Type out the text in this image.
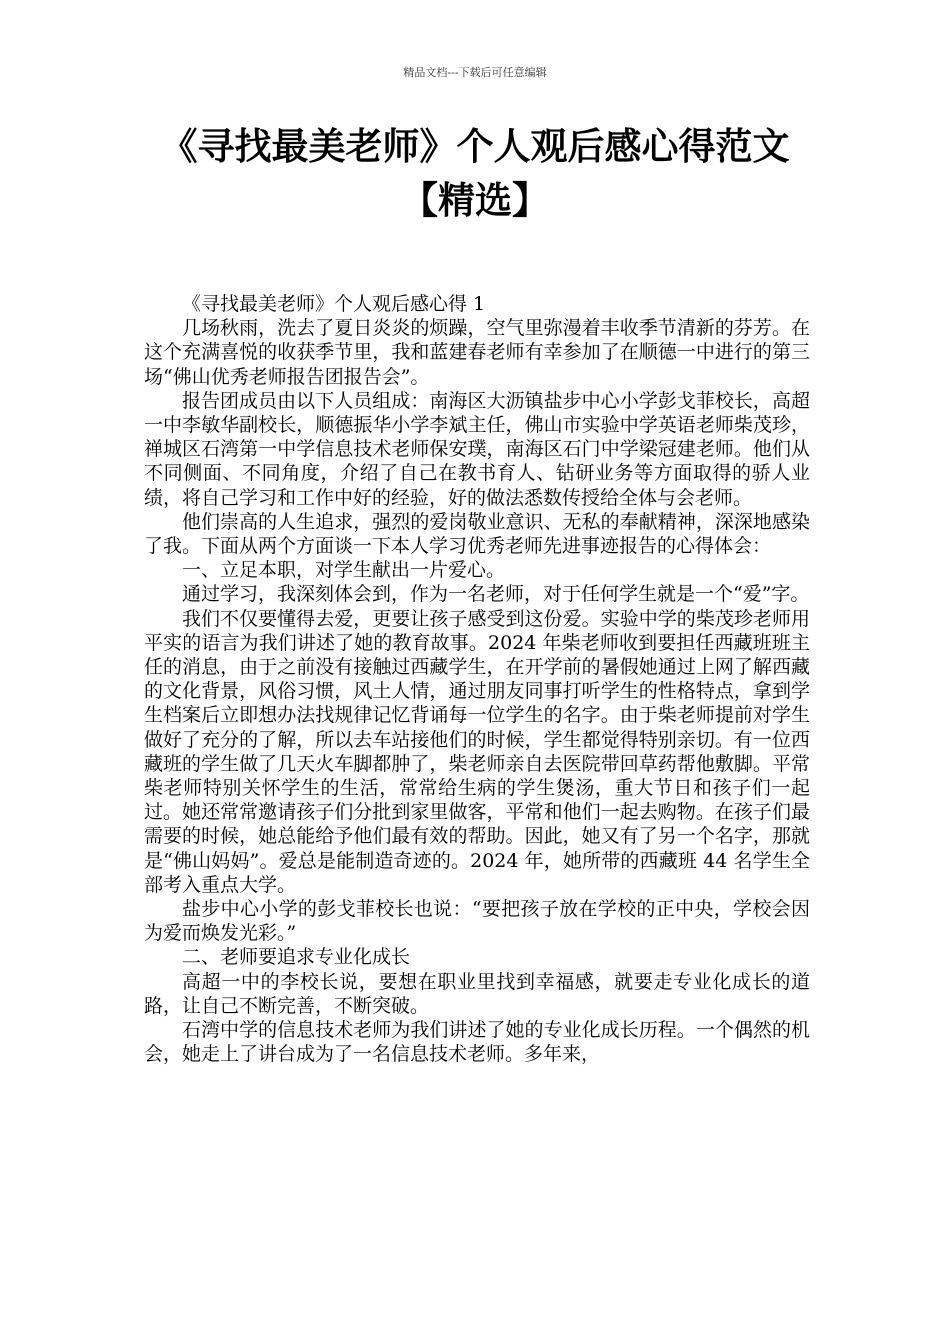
精品文档---下载后可任意编辑
《寻找最美老师》个人观后感心得范文
【精选】

《寻找最美老师》个人观后感心得 1

几场秋雨，洗去了夏日炎炎的烦躁，空气里弥漫着丰收季节清新的芬芳。在这个充满喜悦的收获季节里，我和蓝建春老师有幸参加了在顺德一中进行的第三场“佛山优秀老师报告团报告会”。

报告团成员由以下人员组成：南海区大沥镇盐步中心小学彭戈菲校长，高超一中李敏华副校长，顺德振华小学李斌主任，佛山市实验中学英语老师柴茂珍，禅城区石湾第一中学信息技术老师保安璞，南海区石门中学梁冠建老师。他们从不同侧面、不同角度，介绍了自己在教书育人、钻研业务等方面取得的骄人业绩，将自己学习和工作中好的经验，好的做法悉数传授给全体与会老师。

他们崇高的人生追求，强烈的爱岗敬业意识、无私的奉献精神，深深地感染了我。下面从两个方面谈一下本人学习优秀老师先进事迹报告的心得体会：

一、立足本职，对学生献出一片爱心。

通过学习，我深刻体会到，作为一名老师，对于任何学生就是一个“爱”字。

我们不仅要懂得去爱，更要让孩子感受到这份爱。实验中学的柴茂珍老师用平实的语言为我们讲述了她的教育故事。2024 年柴老师收到要担任西藏班班主任的消息，由于之前没有接触过西藏学生，在开学前的暑假她通过上网了解西藏的文化背景，风俗习惯，风土人情，通过朋友同事打听学生的性格特点，拿到学生档案后立即想办法找规律记忆背诵每一位学生的名字。由于柴老师提前对学生做好了充分的了解，所以去车站接他们的时候，学生都觉得特别亲切。有一位西藏班的学生做了几天火车脚都肿了，柴老师亲自去医院带回草药帮他敷脚。平常柴老师特别关怀学生的生活，常常给生病的学生煲汤，重大节日和孩子们一起过。她还常常邀请孩子们分批到家里做客，平常和他们一起去购物。在孩子们最需要的时候，她总能给予他们最有效的帮助。因此，她又有了另一个名字，那就是“佛山妈妈”。爱总是能制造奇迹的。2024 年，她所带的西藏班 44 名学生全部考入重点大学。

盐步中心小学的彭戈菲校长也说：“要把孩子放在学校的正中央，学校会因为爱而焕发光彩。”

二、老师要追求专业化成长

高超一中的李校长说，要想在职业里找到幸福感，就要走专业化成长的道路，让自己不断完善，不断突破。

石湾中学的信息技术老师为我们讲述了她的专业化成长历程。一个偶然的机会，她走上了讲台成为了一名信息技术老师。多年来，
